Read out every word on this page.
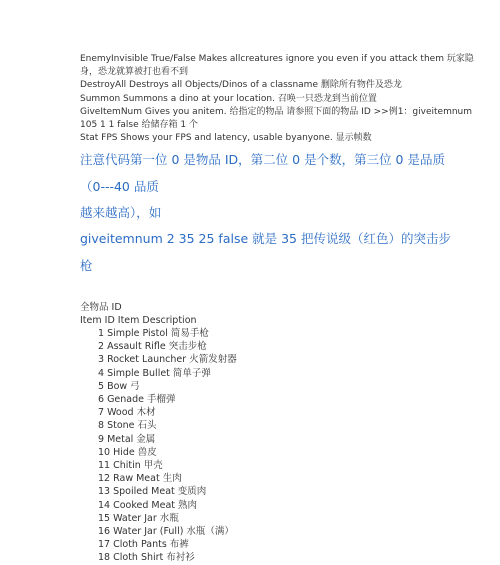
EnemyInvisible True/False Makes allcreatures ignore you even if you attack them 玩家隐身，恐龙就算被打也看不到
DestroyAll Destroys all Objects/Dinos of a classname 删除所有物件及恐龙
Summon Summons a dino at your location. 召唤一只恐龙到当前位置
GiveItemNum Gives you anitem. 给指定的物品 请参照下面的物品 ID >>例1：giveitemnum 105 1 1 false 给储存箱 1 个
Stat FPS Shows your FPS and latency, usable byanyone. 显示帧数
注意代码第一位 0 是物品 ID，第二位 0 是个数，第三位 0 是品质
（0---40 品质
越来越高），如
giveitemnum 2 35 25 false 就是 35 把传说级（红色）的突击步
枪
全物品 ID
Item ID Item Description
1 Simple Pistol 简易手枪
2 Assault Rifle 突击步枪
3 Rocket Launcher 火箭发射器
4 Simple Bullet 简单子弹
5 Bow 弓
6 Genade 手榴弹
7 Wood 木材
8 Stone 石头
9 Metal 金属
10 Hide 兽皮
11 Chitin 甲壳
12 Raw Meat 生肉
13 Spoiled Meat 变质肉
14 Cooked Meat 熟肉
15 Water Jar 水瓶
16 Water Jar (Full) 水瓶（满）
17 Cloth Pants 布裤
18 Cloth Shirt 布衬衫
